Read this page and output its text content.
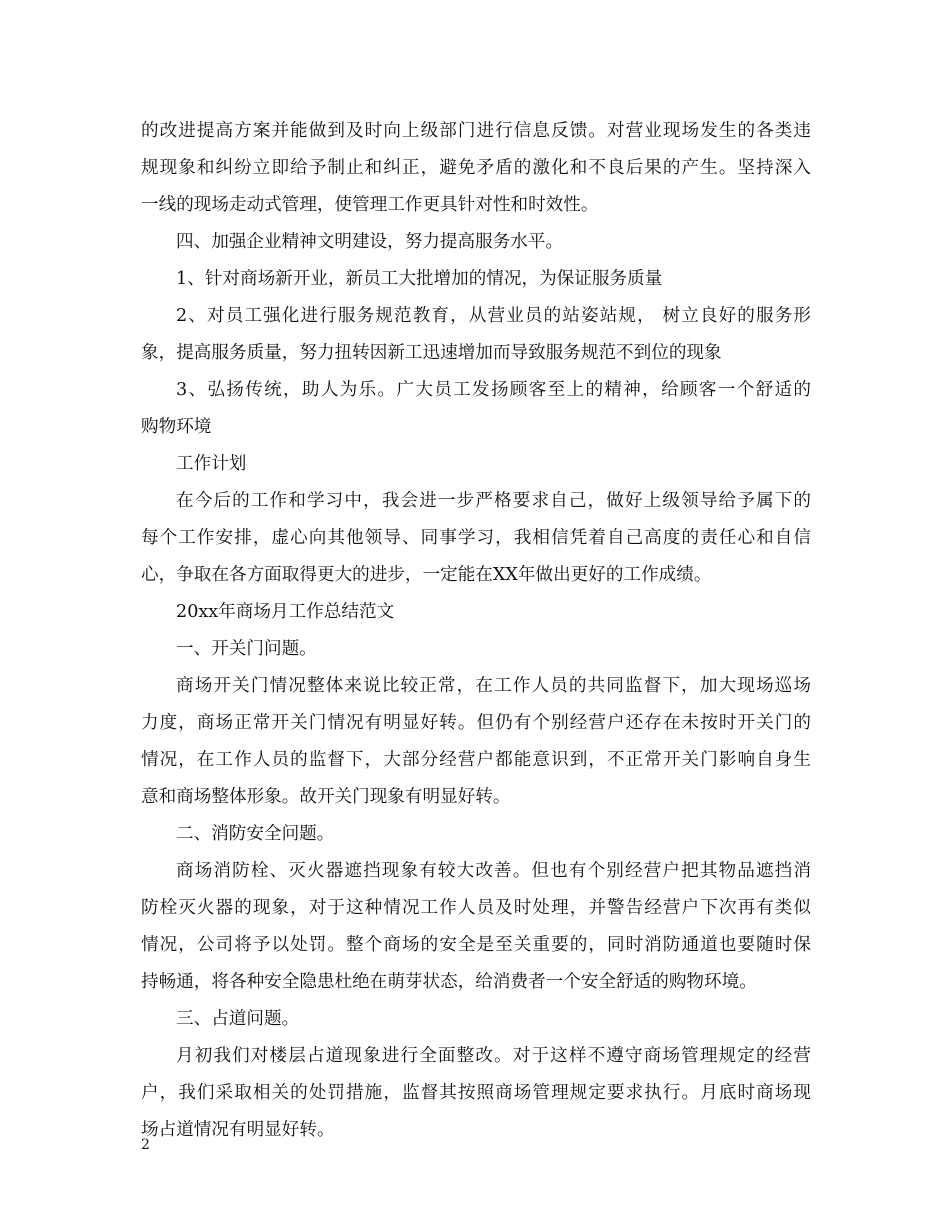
的改进提高方案并能做到及时向上级部门进行信息反馈。对营业现场发生的各类违
规现象和纠纷立即给予制止和纠正，避免矛盾的激化和不良后果的产生。坚持深入
一线的现场走动式管理，使管理工作更具针对性和时效性。
四、加强企业精神文明建设，努力提高服务水平。
1、针对商场新开业，新员工大批增加的情况，为保证服务质量
2、对员工强化进行服务规范教育，从营业员的站姿站规， 树立良好的服务形
象，提高服务质量，努力扭转因新工迅速增加而导致服务规范不到位的现象
3、弘扬传统，助人为乐。广大员工发扬顾客至上的精神，给顾客一个舒适的
购物环境
工作计划
在今后的工作和学习中，我会进一步严格要求自己，做好上级领导给予属下的
每个工作安排，虚心向其他领导、同事学习，我相信凭着自己高度的责任心和自信
心，争取在各方面取得更大的进步，一定能在XX年做出更好的工作成绩。
20xx年商场月工作总结范文
一、开关门问题。
商场开关门情况整体来说比较正常，在工作人员的共同监督下，加大现场巡场
力度，商场正常开关门情况有明显好转。但仍有个别经营户还存在未按时开关门的
情况，在工作人员的监督下，大部分经营户都能意识到，不正常开关门影响自身生
意和商场整体形象。故开关门现象有明显好转。
二、消防安全问题。
商场消防栓、灭火器遮挡现象有较大改善。但也有个别经营户把其物品遮挡消
防栓灭火器的现象，对于这种情况工作人员及时处理，并警告经营户下次再有类似
情况，公司将予以处罚。整个商场的安全是至关重要的，同时消防通道也要随时保
持畅通，将各种安全隐患杜绝在萌芽状态，给消费者一个安全舒适的购物环境。
三、占道问题。
月初我们对楼层占道现象进行全面整改。对于这样不遵守商场管理规定的经营
户，我们采取相关的处罚措施，监督其按照商场管理规定要求执行。月底时商场现
场占道情况有明显好转。
2
